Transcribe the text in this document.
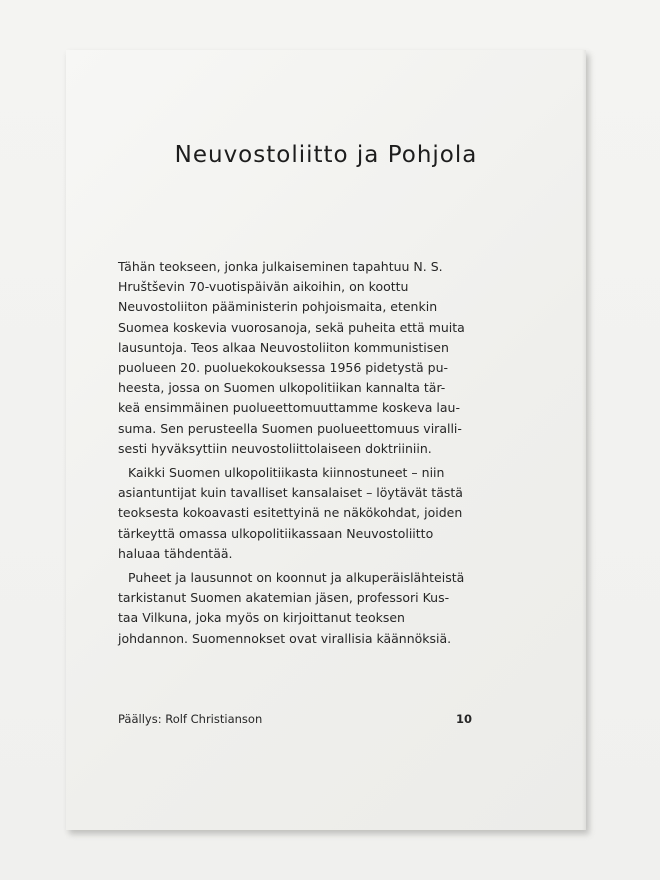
Neuvostoliitto ja Pohjola
Tähän teokseen, jonka julkaiseminen tapahtuu N. S.
Hruštševin 70-vuotispäivän aikoihin, on koottu
Neuvostoliiton pääministerin pohjoismaita, etenkin
Suomea koskevia vuorosanoja, sekä puheita että muita
lausuntoja. Teos alkaa Neuvostoliiton kommunistisen
puolueen 20. puoluekokouksessa 1956 pidetystä pu-
heesta, jossa on Suomen ulkopolitiikan kannalta tär-
keä ensimmäinen puolueettomuuttamme koskeva lau-
suma. Sen perusteella Suomen puolueettomuus viralli-
sesti hyväksyttiin neuvostoliittolaiseen doktriiniin.
Kaikki Suomen ulkopolitiikasta kiinnostuneet – niin
asiantuntijat kuin tavalliset kansalaiset – löytävät tästä
teoksesta kokoavasti esitettyinä ne näkökohdat, joiden
tärkeyttä omassa ulkopolitiikassaan Neuvostoliitto
haluaa tähdentää.
Puheet ja lausunnot on koonnut ja alkuperäislähteistä
tarkistanut Suomen akatemian jäsen, professori Kus-
taa Vilkuna, joka myös on kirjoittanut teoksen
johdannon. Suomennokset ovat virallisia käännöksiä.
Päällys: Rolf Christianson	10
